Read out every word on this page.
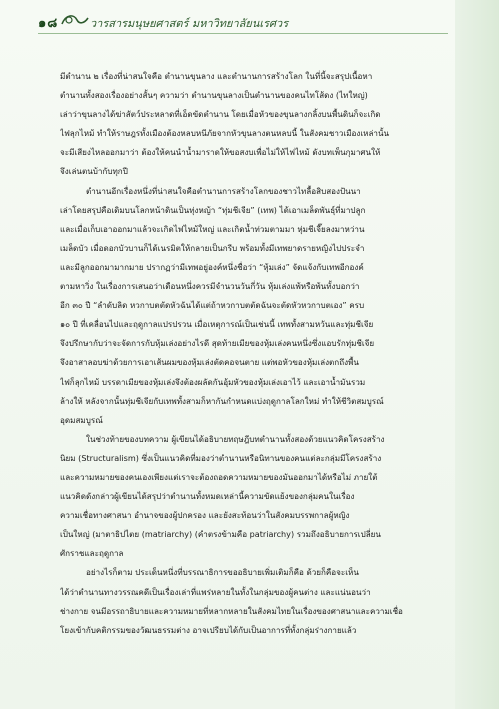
๑๘	วารสารมนุษยศาสตร์ มหาวิทยาลัยนเรศวร

มีตำนาน ๒ เรื่องที่น่าสนใจคือ ตำนานขุนลาง และตำนานการสร้างโลก ในที่นี้จะสรุปเนื้อหา
ตำนานทั้งสองเรื่องอย่างสั้นๆ ความว่า ตำนานขุนลางเป็นตำนานของคนไทโส้ดง (ไทใหญ่)
เล่าว่าขุนลางได้ฆ่าสัตว์ประหลาดที่เอ็ดขัดตำนาน โดยเมื่อหัวของขุนลางกลิ้งบนพื้นดินก็จะเกิด
ไฟลุกไหม้ ทำให้ราษฎรทั้งเมืองต้องหลบหนีภัยจากหัวขุนลางตนหลบนี้ ในสังคมชาวเมืองเหล่านั้น
จะมีเสียงไหลออกมาว่า ต้องให้คนนำน้ำมาราดให้ขอสงบเพื่อไม่ให้ไฟไหม้ ดังบทเพ็นกุมาศนให้
จึงเล่นตนบ้ากับทุกปี

ตำนานอีกเรื่องหนึ่งที่น่าสนใจคือตำนานการสร้างโลกของชาวไทลื้อสิบสองปันนา
เล่าโดยสรุปคือเดิมบนโลกหน้าดินเป็นทุ่งหญ้า “ทุ่มชีเจีย” (เทพ) ได้เอาเมล็ดพันธุ์ที่มาปลูก
และเมื่อเก็บเอาออกมาแล้วจะเกิดไฟไหม้ใหญ่ และเกิดน้ำท่วมตามมา หุ่มชีเจี๊ยลงมาหว่าน
เมล็ดบัว เมื่อดอกบัวบานก็ได้เนรมิตให้กลายเป็นกรีบ พร้อมทั้งมีเทพยาดรายหญิงไปประจำ
และมีลูกออกมามากมาย ปรากฏว่ามีเทพอยู่องค์หนึ่งชื่อว่า “หุ้มเล่ง” จัดแจ้งกับเทพอีกองค์
ตามหาวิ่ง ในเรื่องการเสนอว่าเดือนหนึ่งควรมีจำนวนวันกี่วัน หุ้มเล่งแพ้หรือพ้นทั้งบอกว่า
อีก ๓๐ ปี “ลำดับลิด หวกาบตตัดหัวฉันได้แต่ถ้าหวกาบตตัดฉันจะตัดหัวหวกาบตเอง” ครบ
๑๐ ปี ที่เคลื่อนไปและฤดูกาลแปรปรวน เมื่อเหตุการณ์เป็นเช่นนี้ เทพทั้งสามหวันและทุ่มชีเจีย
จึงปรึกษากับว่าจะจัดการกับหุ้มเล่งอย่างไรดี สุดท้ายเมียของหุ้มเล่งคนหนึ่งซึ่งแอบรักทุ่มชีเจีย
จึงอาสาลอบฆ่าด้วยการเอาเส้นผมของหุ้มเล่งตัดคอจนตาย แต่พอหัวของหุ้มเล่งตกถึงพื้น
ไฟก็ลุกไหม้ บรรดาเมียของหุ้มเล่งจึงต้องผลัดกันอุ้มหัวของหุ้มเล่งเอาไว้ และเอาน้ำมันรวม
ล้างให้ หลังจากนั้นทุ่มชีเจียกับเทพทั้งสามก็หากันกำหนดแบ่งฤดูกาลโลกใหม่ ทำให้ชีวิตสมบูรณ์
อุดมสมบูรณ์

ในช่วงท้ายของบทความ ผู้เขียนได้อธิบายทฤษฎีบทตำนานทั้งสองด้วยแนวคิดโครงสร้าง
นิยม (Structuralism) ซึ่งเป็นแนวคิดที่มองว่าตำนานหรือนิทานของคนแต่ละกลุ่มมีโครงสร้าง
และความหมายของคนเองเพียงแต่เราจะต้องถอดความหมายของมันออกมาได้หรือไม่ ภายใต้
แนวคิดดังกล่าวผู้เขียนได้สรุปว่าตำนานทั้งหมดเหล่านี้ความขัดแย้งของกลุ่มคนในเรื่อง
ความเชื่อทางศาสนา อำนาจของผู้ปกครอง และยังสะท้อนว่าในสังคมบรรพกาลผู้หญิง
เป็นใหญ่ (มาตาธิปไตย (matriarchy) (คำตรงข้ามคือ patriarchy) รวมถึงอธิบายการเปลี่ยน
ศักราชและฤดูกาล

อย่างไรก็ตาม ประเด็นหนึ่งที่บรรณาธิการขออธิบายเพิ่มเติมก็คือ ด้วยก็คือจะเห็น
ได้ว่าตำนานทางวรรณคดีเป็นเรื่องเล่าที่แพร่หลายในทั้งในกลุ่มของผู้คนต่าง และแน่นอนว่า
ช่างกาย จนมีอรรถาธิบายและความหมายที่หลากหลายในสังคมไทยในเรื่องของศาสนาและความเชื่อ
โยงเข้ากับคติกรรมของวัฒนธรรมต่าง อาจเปรียบได้กับเป็นอาการที่ทั้งกลุ่มร่างกายแล้ว
